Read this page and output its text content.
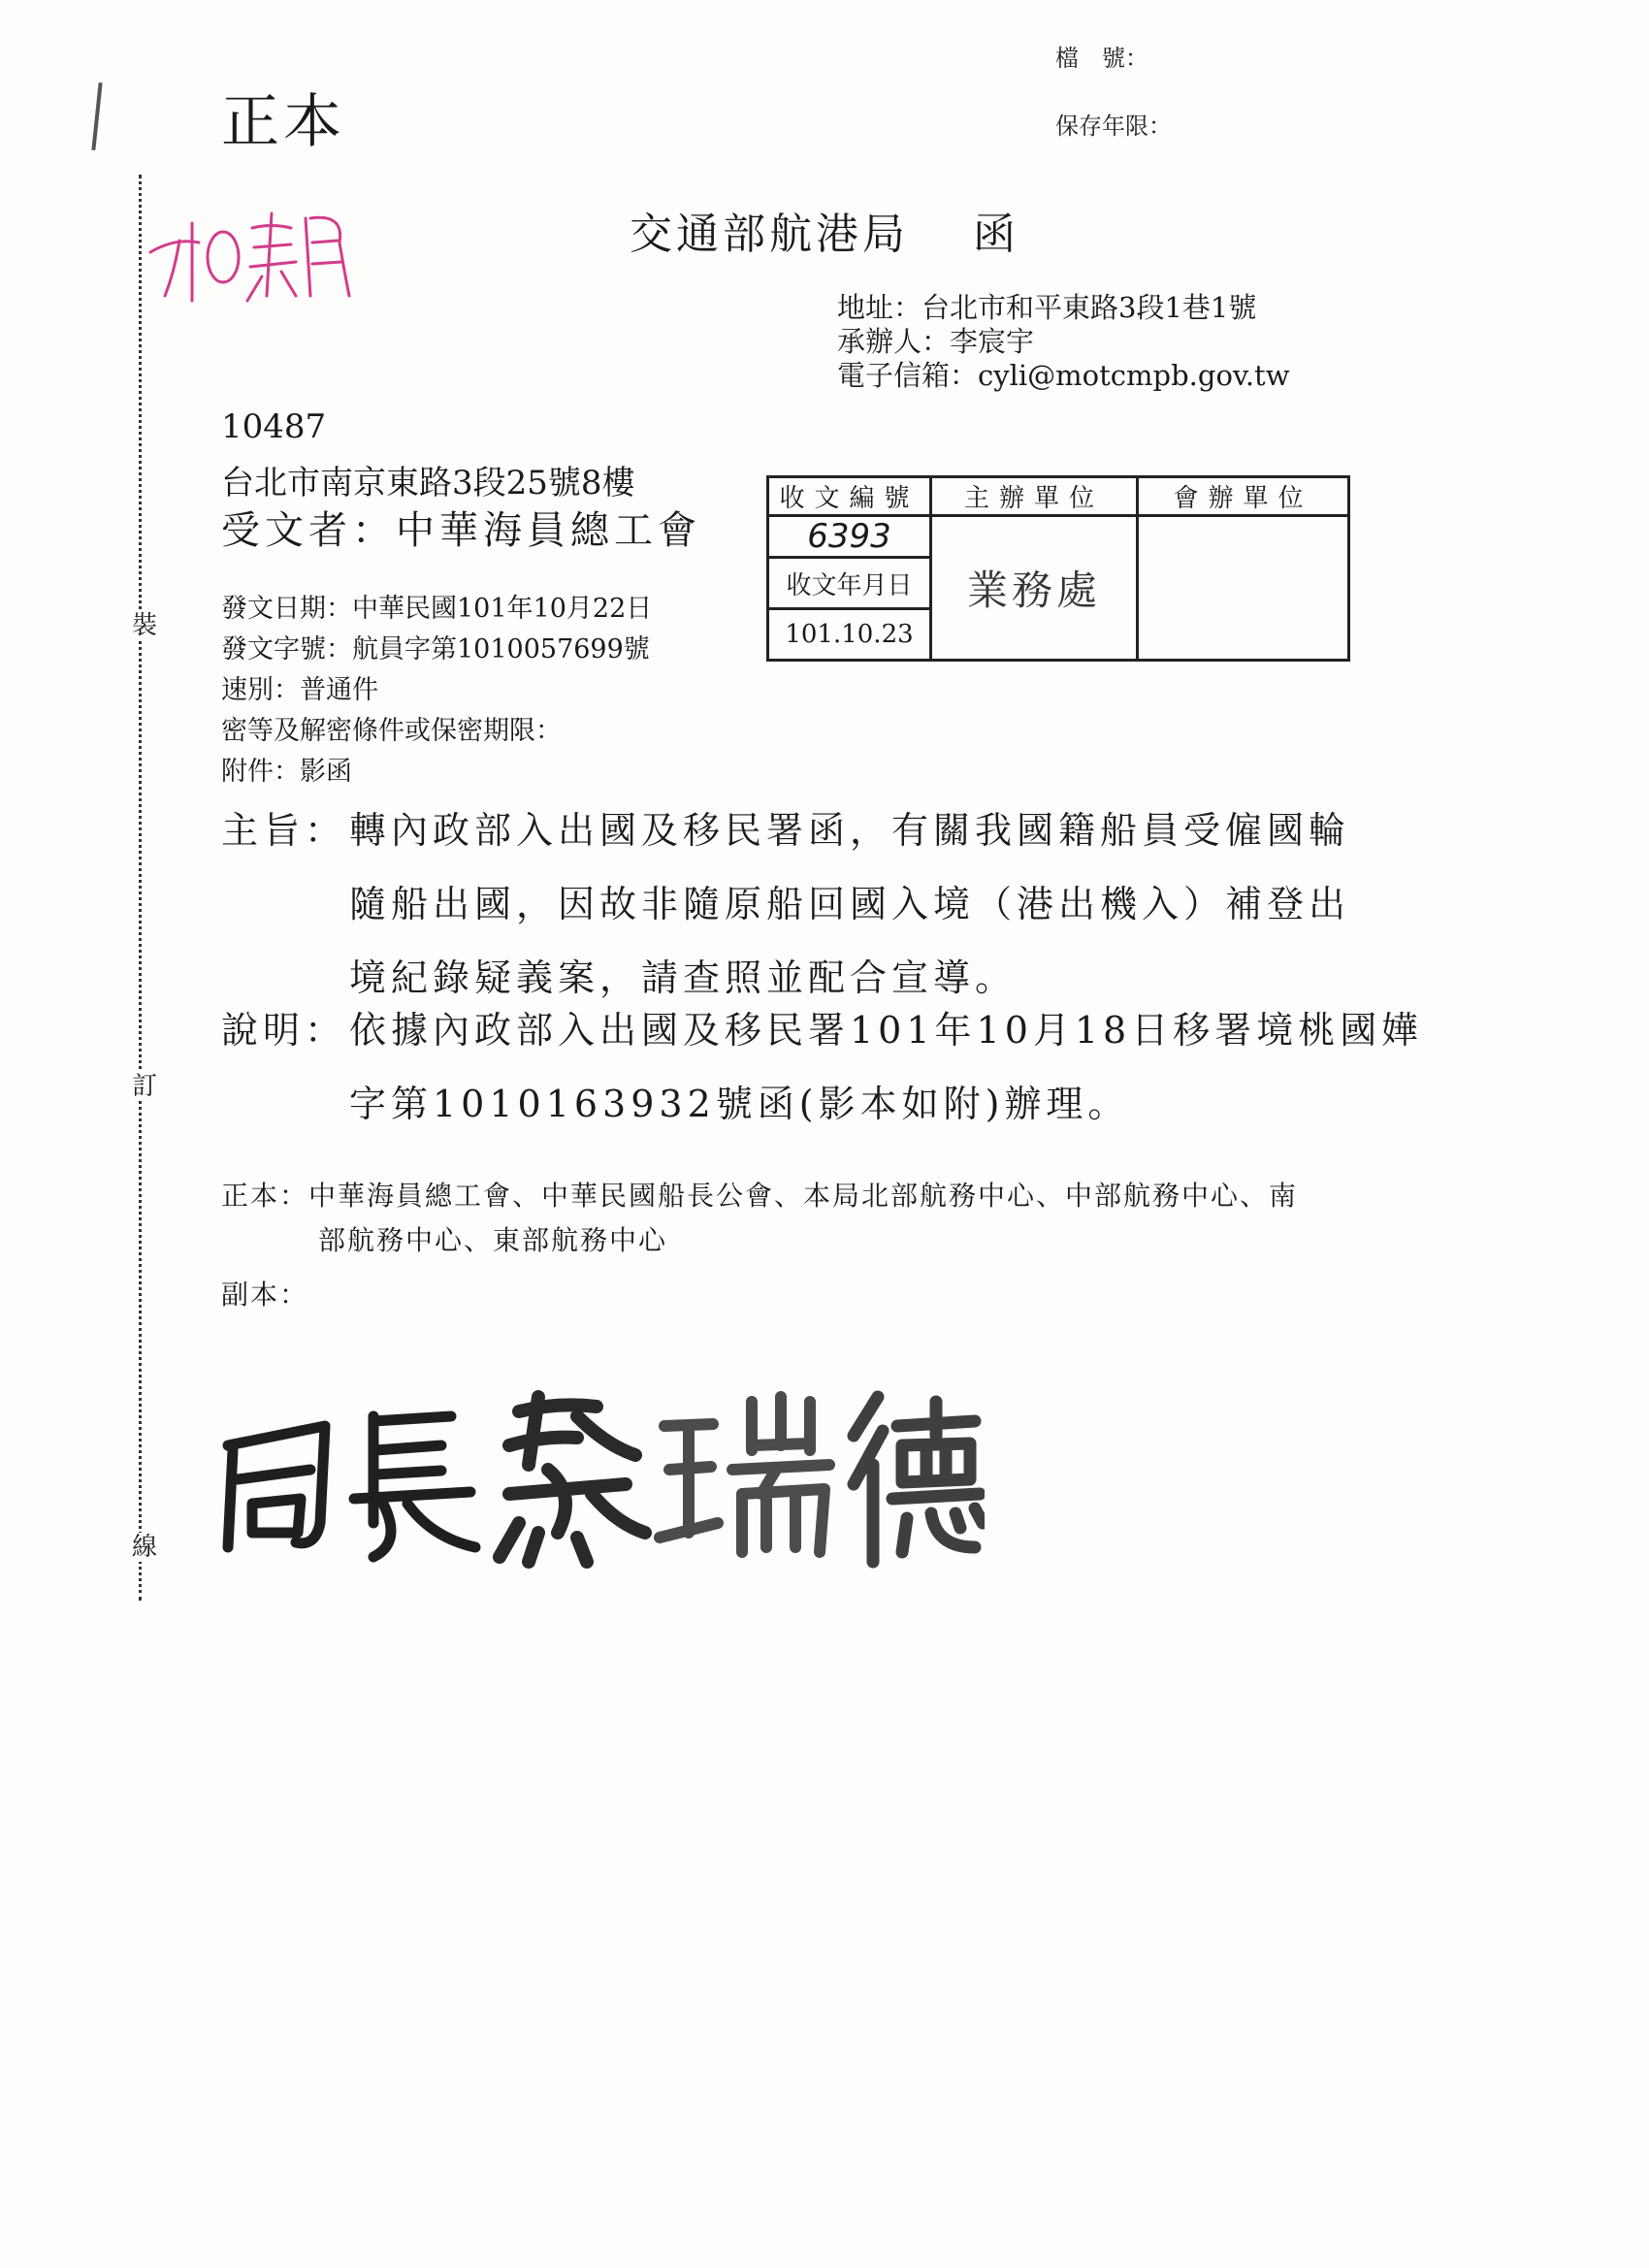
正本
檔　號：
保存年限：
交通部航港局　 函
地址：台北市和平東路3段1巷1號
承辦人：李宸宇
電子信箱：cyli@motcmpb.gov.tw
10487
台北市南京東路3段25號8樓
受文者：中華海員總工會
收文編號	主辦單位	會辦單位
6393	業務處	
收文年月日		
101.10.23		
發文日期：中華民國101年10月22日
發文字號：航員字第1010057699號
速別：普通件
密等及解密條件或保密期限：
附件：影函
主旨：轉內政部入出國及移民署函，有關我國籍船員受僱國輪
隨船出國，因故非隨原船回國入境（港出機入）補登出
境紀錄疑義案，請查照並配合宣導。
說明：依據內政部入出國及移民署101年10月18日移署境桃國嬅
字第1010163932號函(影本如附)辦理。
正本：中華海員總工會、中華民國船長公會、本局北部航務中心、中部航務中心、南
部航務中心、東部航務中心
副本：
裝
訂
線
